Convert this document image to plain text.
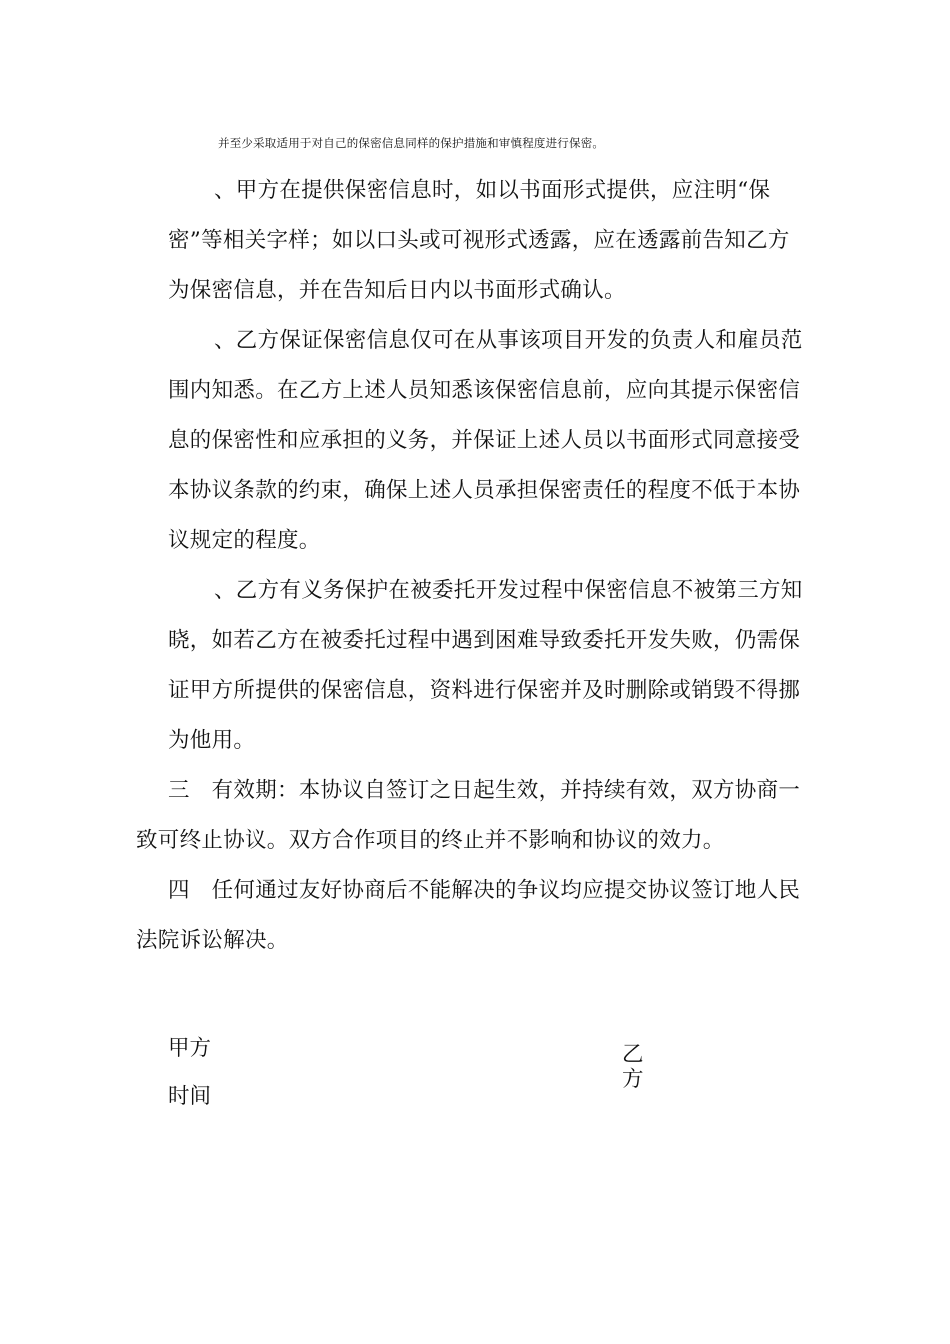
并至少采取适用于对自己的保密信息同样的保护措施和审慎程度进行保密。
、甲方在提供保密信息时，如以书面形式提供，应注明“保
密”等相关字样；如以口头或可视形式透露，应在透露前告知乙方
为保密信息，并在告知后日内以书面形式确认。
、乙方保证保密信息仅可在从事该项目开发的负责人和雇员范
围内知悉。在乙方上述人员知悉该保密信息前，应向其提示保密信
息的保密性和应承担的义务，并保证上述人员以书面形式同意接受
本协议条款的约束，确保上述人员承担保密责任的程度不低于本协
议规定的程度。
、乙方有义务保护在被委托开发过程中保密信息不被第三方知
晓，如若乙方在被委托过程中遇到困难导致委托开发失败，仍需保
证甲方所提供的保密信息，资料进行保密并及时删除或销毁不得挪
为他用。
三　有效期：本协议自签订之日起生效，并持续有效，双方协商一
致可终止协议。双方合作项目的终止并不影响和协议的效力。
四　任何通过友好协商后不能解决的争议均应提交协议签订地人民
法院诉讼解决。
甲方
时间
乙
方
